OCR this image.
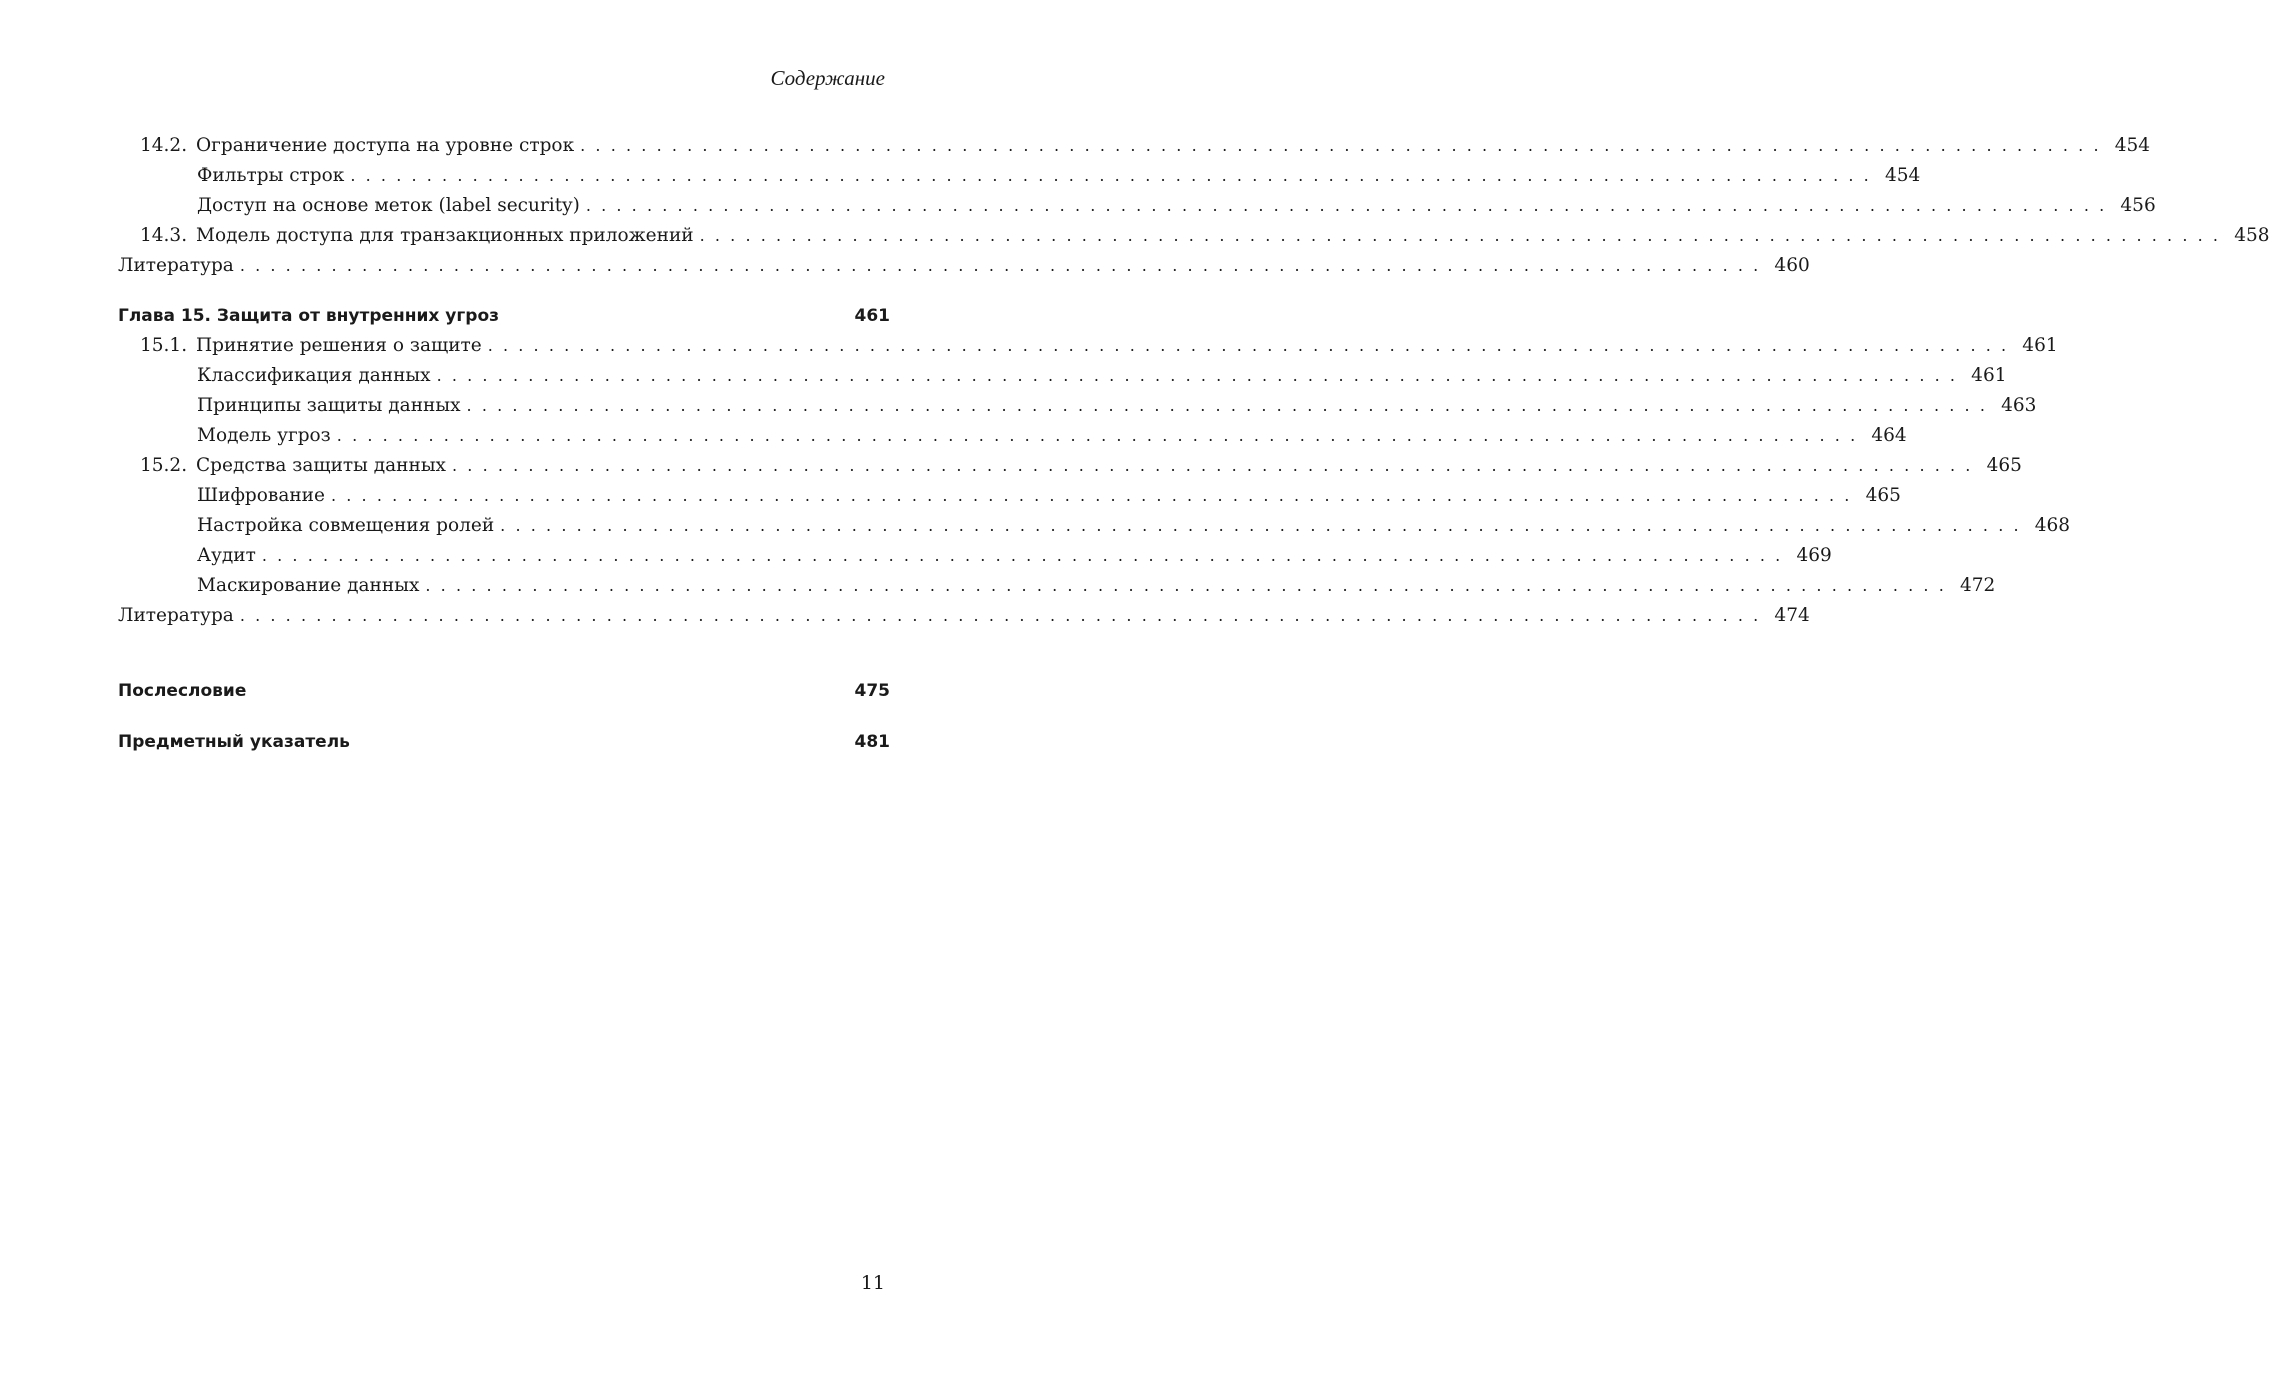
Содержание
14.2. Ограничение доступа на уровне строк .................................................................................................... 454
Фильтры строк .................................................................................................... 454
Доступ на основе меток (label security) .................................................................................................... 456
14.3. Модель доступа для транзакционных приложений .................................................................................................... 458
Литература .................................................................................................... 460
Глава 15. Защита от внутренних угроз	461
15.1. Принятие решения о защите .................................................................................................... 461
Классификация данных .................................................................................................... 461
Принципы защиты данных .................................................................................................... 463
Модель угроз .................................................................................................... 464
15.2. Средства защиты данных .................................................................................................... 465
Шифрование .................................................................................................... 465
Настройка совмещения ролей .................................................................................................... 468
Аудит .................................................................................................... 469
Маскирование данных .................................................................................................... 472
Литература .................................................................................................... 474
Послесловие	475
Предметный указатель	481
11
